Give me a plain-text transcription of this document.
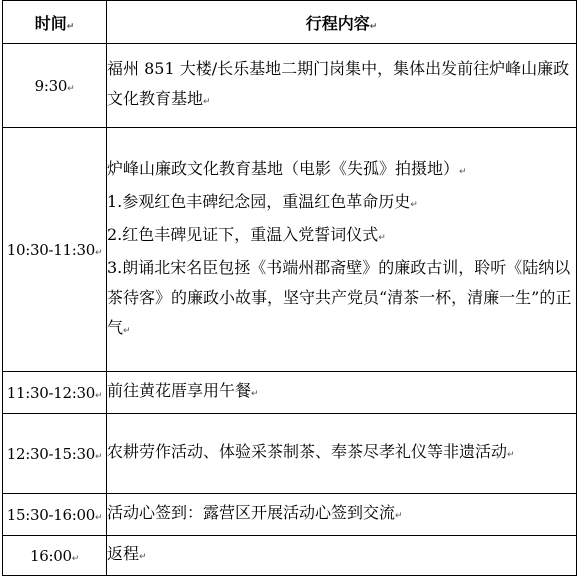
时间↵	行程内容↵
9:30↵	福州 851 大楼/长乐基地二期门岗集中，集体出发前往炉峰山廉政文化教育基地↵

10:30-11:30↵	炉峰山廉政文化教育基地（电影《失孤》拍摄地）↵
1.参观红色丰碑纪念园，重温红色革命历史↵
2.红色丰碑见证下，重温入党誓词仪式↵
3.朗诵北宋名臣包拯《书端州郡斋壁》的廉政古训，聆听《陆纳以茶待客》的廉政小故事，坚守共产党员“清茶一杯，清廉一生”的正气↵

11:30-12:30↵	前往黄花厝享用午餐↵

12:30-15:30↵	农耕劳作活动、体验采茶制茶、奉茶尽孝礼仪等非遗活动↵

15:30-16:00↵	活动心签到：露营区开展活动心签到交流↵

16:00↵	返程↵
